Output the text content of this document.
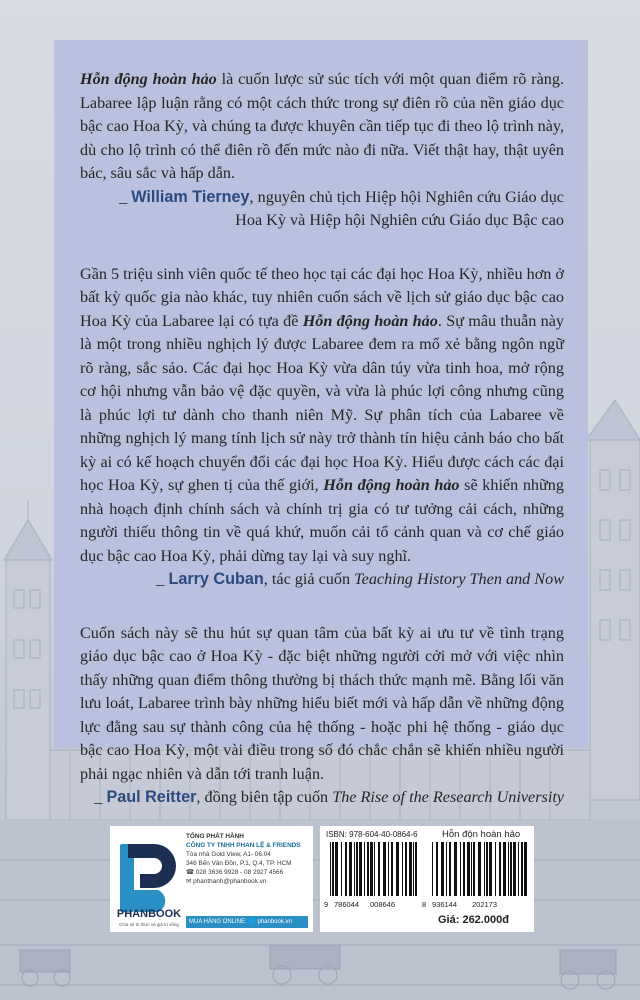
Hỗn động hoàn hảo là cuốn lược sử súc tích với một quan điểm rõ ràng. Labaree lập luận rằng có một cách thức trong sự điên rồ của nền giáo dục bậc cao Hoa Kỳ, và chúng ta được khuyên cần tiếp tục đi theo lộ trình này, dù cho lộ trình có thể điên rồ đến mức nào đi nữa. Viết thật hay, thật uyên bác, sâu sắc và hấp dẫn.

_ William Tierney, nguyên chủ tịch Hiệp hội Nghiên cứu Giáo dục
Hoa Kỳ và Hiệp hội Nghiên cứu Giáo dục Bậc cao

Gần 5 triệu sinh viên quốc tế theo học tại các đại học Hoa Kỳ, nhiều hơn ở bất kỳ quốc gia nào khác, tuy nhiên cuốn sách về lịch sử giáo dục bậc cao Hoa Kỳ của Labaree lại có tựa đề Hỗn động hoàn hảo. Sự mâu thuẫn này là một trong nhiều nghịch lý được Labaree đem ra mổ xẻ bằng ngôn ngữ rõ ràng, sắc sảo. Các đại học Hoa Kỳ vừa dân túy vừa tinh hoa, mở rộng cơ hội nhưng vẫn bảo vệ đặc quyền, và vừa là phúc lợi công nhưng cũng là phúc lợi tư dành cho thanh niên Mỹ. Sự phân tích của Labaree về những nghịch lý mang tính lịch sử này trở thành tín hiệu cảnh báo cho bất kỳ ai có kế hoạch chuyển đổi các đại học Hoa Kỳ. Hiểu được cách các đại học Hoa Kỳ, sự ghen tị của thế giới, Hỗn động hoàn hảo sẽ khiến những nhà hoạch định chính sách và chính trị gia có tư tưởng cải cách, những người thiếu thông tin về quá khứ, muốn cải tổ cảnh quan và cơ chế giáo dục bậc cao Hoa Kỳ, phải dừng tay lại và suy nghĩ.

_ Larry Cuban, tác giả cuốn Teaching History Then and Now

Cuốn sách này sẽ thu hút sự quan tâm của bất kỳ ai ưu tư về tình trạng giáo dục bậc cao ở Hoa Kỳ - đặc biệt những người cởi mở với việc nhìn thấy những quan điểm thông thường bị thách thức mạnh mẽ. Bằng lối văn lưu loát, Labaree trình bày những hiểu biết mới và hấp dẫn về những động lực đằng sau sự thành công của hệ thống - hoặc phi hệ thống - giáo dục bậc cao Hoa Kỳ, một vài điều trong số đó chắc chắn sẽ khiến nhiều người phải ngạc nhiên và dẫn tới tranh luận.

_ Paul Reitter, đồng biên tập cuốn The Rise of the Research University
PHANBOOK
Chia sẻ tri thức và giá trị sống
TỔNG PHÁT HÀNH
CÔNG TY TNHH PHAN LỆ & FRIENDS
Tòa nhà Gold View, A1- 06.04
346 Bến Vân Đồn, P.1, Q.4, TP. HCM
☎ 028 3636 9928 - 08 2927 4566
✉ phanthanh@phanbook.vn
MUA HÀNG ONLINE: 🌐 phanbook.vn
ISBN: 978-604-40-0864-6	Hỗn độn hoàn hảo
9 786044 008646	8 936144 202173
Giá: 262.000đ
